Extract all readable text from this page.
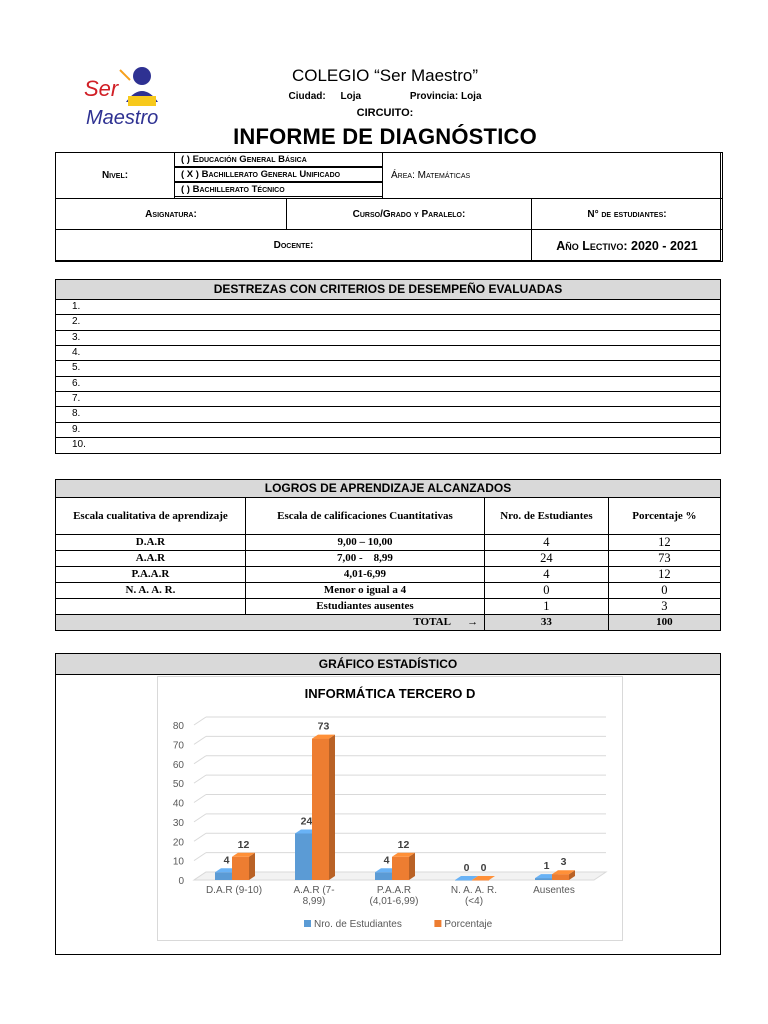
Ser
Maestro
COLEGIO “Ser Maestro”
Ciudad: Loja	Provincia: Loja
CIRCUITO:
INFORME DE DIAGNÓSTICO
Nivel:
( ) Educación General Básica
( X ) Bachillerato General Unificado
( ) Bachillerato Técnico
Área: Matemáticas
Asignatura:	Curso/Grado y Paralelo:	N° de estudiantes:
Docente:	Año Lectivo: 2020 - 2021
DESTREZAS CON CRITERIOS DE DESEMPEÑO EVALUADAS
1.
2.
3.
4.
5.
6.
7.
8.
9.
10.
LOGROS DE APRENDIZAJE ALCANZADOS
Escala cualitativa de aprendizaje	Escala de calificaciones Cuantitativas	Nro. de Estudiantes	Porcentaje %
D.A.R	9,00 – 10,00	4	12
A.A.R	7,00 -    8,99	24	73
P.A.A.R	4,01-6,99	4	12
N. A. A. R.	Menor o igual a 4	0	0
	Estudiantes ausentes	1	3
	TOTAL →	33	100
GRÁFICO ESTADÍSTICO
INFORMÁTICA TERCERO D
0
10
20
30
40
50
60
70
80
4
12
D.A.R (9-10)
24
73
A.A.R (7-
8,99)
4
12
P.A.A.R
(4,01-6,99)
0 0
N. A. A. R.
(<4)
1 3
Ausentes
Nro. de Estudiantes	Porcentaje
